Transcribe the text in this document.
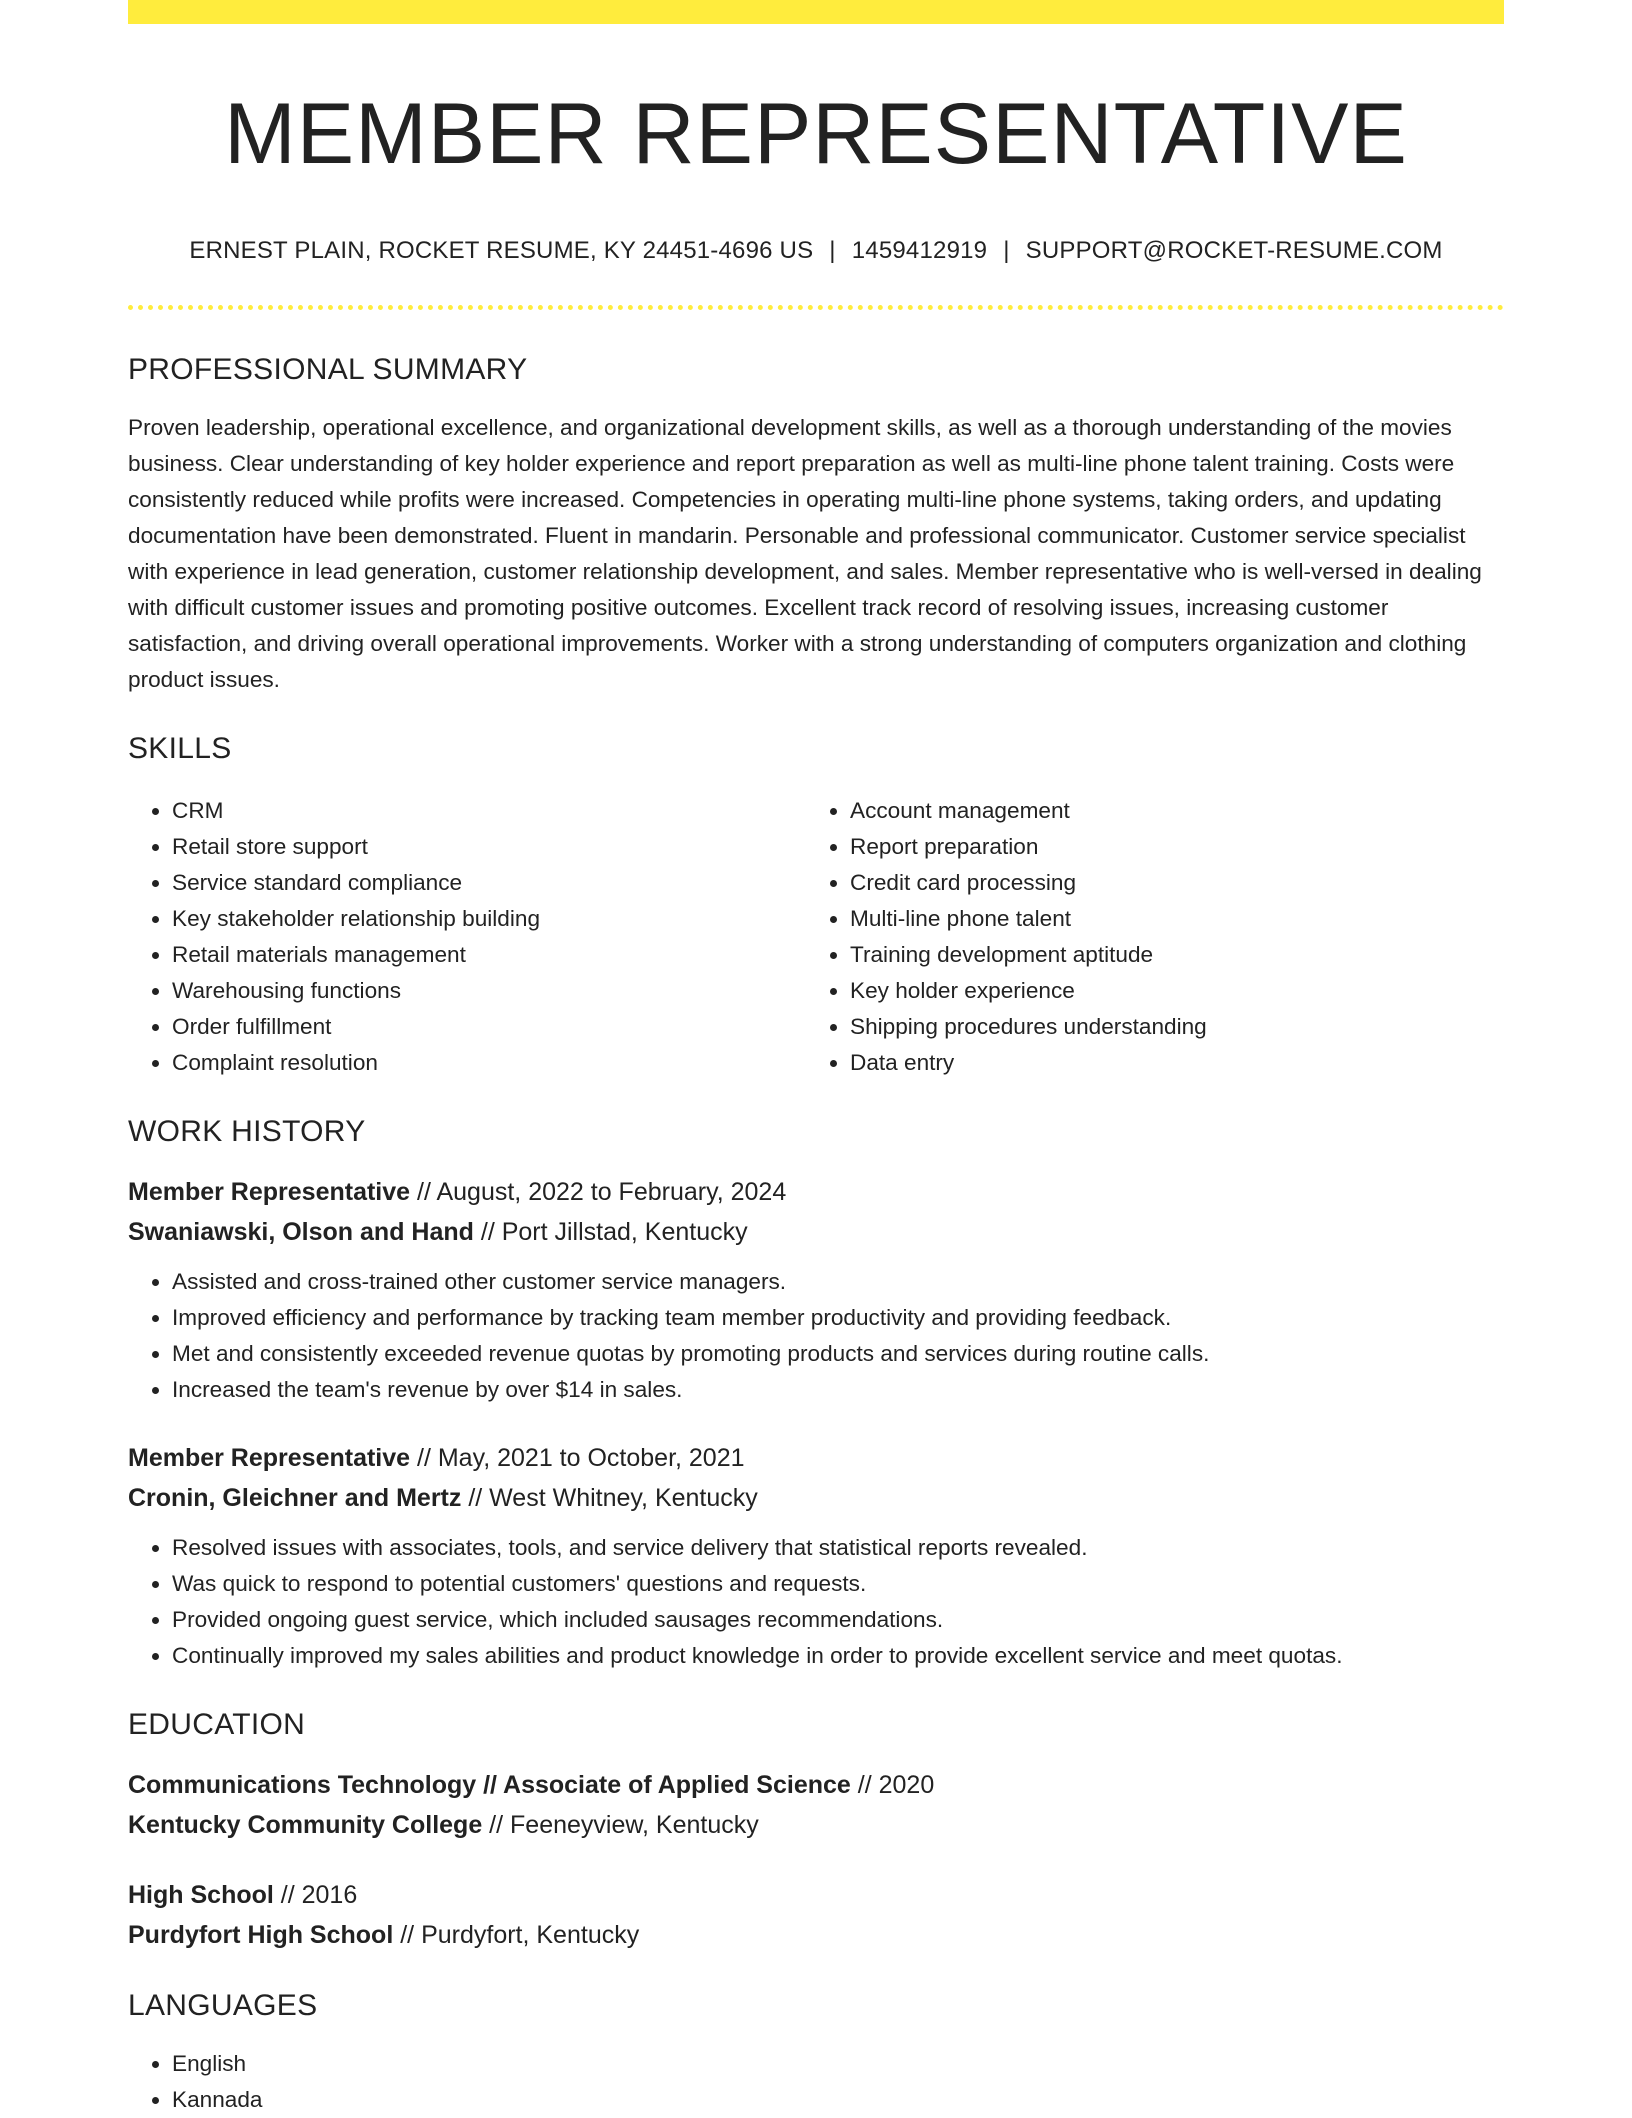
MEMBER REPRESENTATIVE
ERNEST PLAIN, ROCKET RESUME, KY 24451-4696 US | 1459412919 | SUPPORT@ROCKET-RESUME.COM
PROFESSIONAL SUMMARY

Proven leadership, operational excellence, and organizational development skills, as well as a thorough understanding of the movies business. Clear understanding of key holder experience and report preparation as well as multi-line phone talent training. Costs were consistently reduced while profits were increased. Competencies in operating multi-line phone systems, taking orders, and updating documentation have been demonstrated. Fluent in mandarin. Personable and professional communicator. Customer service specialist with experience in lead generation, customer relationship development, and sales. Member representative who is well-versed in dealing with difficult customer issues and promoting positive outcomes. Excellent track record of resolving issues, increasing customer satisfaction, and driving overall operational improvements. Worker with a strong understanding of computers organization and clothing product issues.

SKILLS
• CRM
• Retail store support
• Service standard compliance
• Key stakeholder relationship building
• Retail materials management
• Warehousing functions
• Order fulfillment
• Complaint resolution
• Account management
• Report preparation
• Credit card processing
• Multi-line phone talent
• Training development aptitude
• Key holder experience
• Shipping procedures understanding
• Data entry
WORK HISTORY
Member Representative // August, 2022 to February, 2024
Swaniawski, Olson and Hand // Port Jillstad, Kentucky
• Assisted and cross-trained other customer service managers.
• Improved efficiency and performance by tracking team member productivity and providing feedback.
• Met and consistently exceeded revenue quotas by promoting products and services during routine calls.
• Increased the team's revenue by over $14 in sales.
Member Representative // May, 2021 to October, 2021
Cronin, Gleichner and Mertz // West Whitney, Kentucky
• Resolved issues with associates, tools, and service delivery that statistical reports revealed.
• Was quick to respond to potential customers' questions and requests.
• Provided ongoing guest service, which included sausages recommendations.
• Continually improved my sales abilities and product knowledge in order to provide excellent service and meet quotas.
EDUCATION
Communications Technology // Associate of Applied Science // 2020
Kentucky Community College // Feeneyview, Kentucky
High School // 2016
Purdyfort High School // Purdyfort, Kentucky
LANGUAGES
• English
• Kannada
